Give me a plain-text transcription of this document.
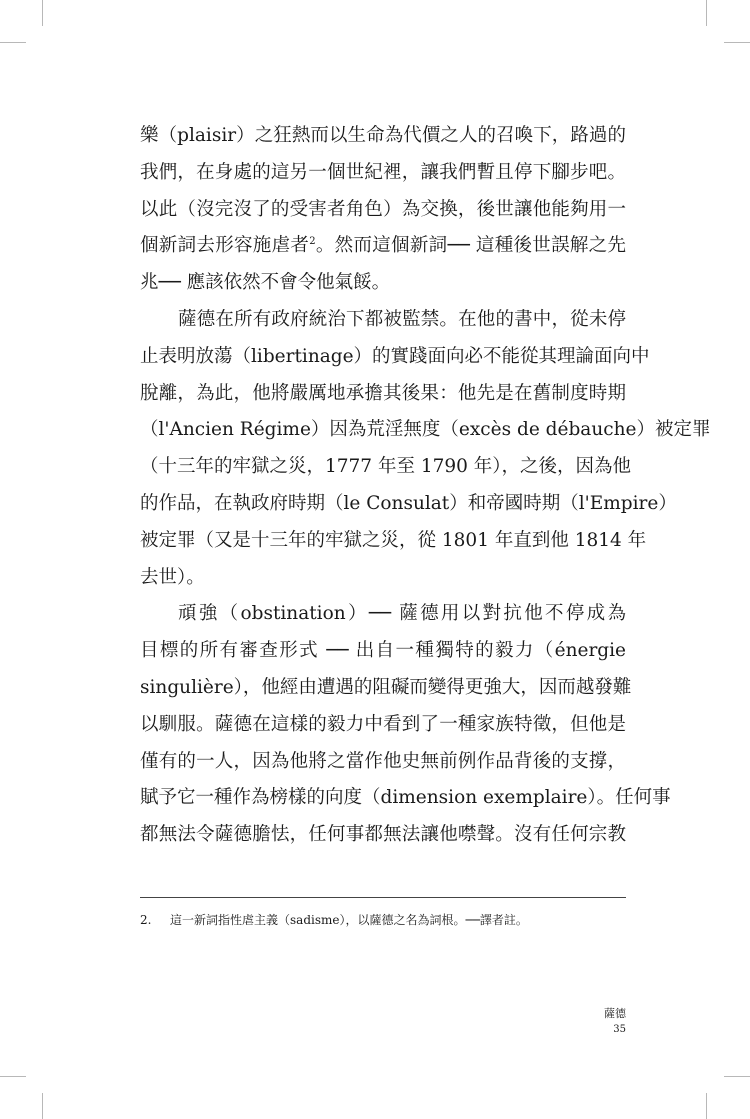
樂（plaisir）之狂熱而以生命為代價之人的召喚下，路過的
我們，在身處的這另一個世紀裡，讓我們暫且停下腳步吧。
以此（沒完沒了的受害者角色）為交換，後世讓他能夠用一
個新詞去形容施虐者$^2$。然而這個新詞── 這種後世誤解之先
兆── 應該依然不會令他氣餒。
薩德在所有政府統治下都被監禁。在他的書中，從未停
止表明放蕩（libertinage）的實踐面向必不能從其理論面向中
脫離，為此，他將嚴厲地承擔其後果：他先是在舊制度時期
（l'Ancien Régime）因為荒淫無度（excès de débauche）被定罪
（十三年的牢獄之災，1777 年至 1790 年），之後，因為他
的作品，在執政府時期（le Consulat）和帝國時期（l'Empire）
被定罪（又是十三年的牢獄之災，從 1801 年直到他 1814 年
去世）。
頑強（obstination）── 薩德用以對抗他不停成為
目標的所有審查形式 ── 出自一種獨特的毅力（énergie
singulière），他經由遭遇的阻礙而變得更強大，因而越發難
以馴服。薩德在這樣的毅力中看到了一種家族特徵，但他是
僅有的一人，因為他將之當作他史無前例作品背後的支撐，
賦予它一種作為榜樣的向度（dimension exemplaire）。任何事
都無法令薩德膽怯，任何事都無法讓他噤聲。沒有任何宗教
2. 這一新詞指性虐主義（sadisme），以薩德之名為詞根。──譯者註。
薩德
35
